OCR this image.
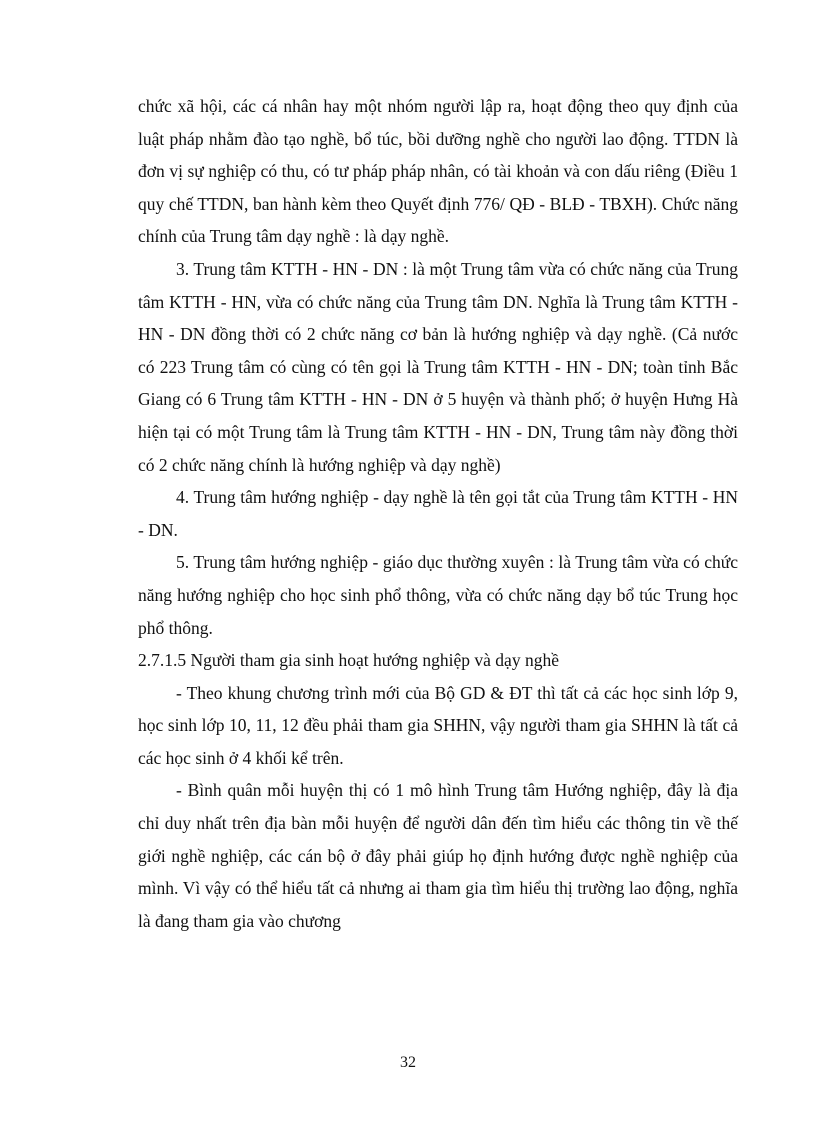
chức xã hội, các cá nhân hay một nhóm người lập ra, hoạt động theo quy định của luật pháp nhằm đào tạo nghề, bổ túc, bồi dưỡng nghề cho người lao động. TTDN là đơn vị sự nghiệp có thu, có tư pháp pháp nhân, có tài khoản và con dấu riêng (Điều 1 quy chế TTDN, ban hành kèm theo Quyết định 776/ QĐ - BLĐ - TBXH). Chức năng chính của Trung tâm dạy nghề : là dạy nghề.

3. Trung tâm KTTH - HN - DN : là một Trung tâm vừa có chức năng của Trung tâm KTTH - HN, vừa có chức năng của Trung tâm DN. Nghĩa là Trung tâm KTTH - HN - DN đồng thời có 2 chức năng cơ bản là hướng nghiệp và dạy nghề. (Cả nước có 223 Trung tâm có cùng có tên gọi là Trung tâm KTTH - HN - DN; toàn tỉnh Bắc Giang có 6 Trung tâm KTTH - HN - DN ở 5 huyện và thành phố; ở huyện Hưng Hà hiện tại có một Trung tâm là Trung tâm KTTH - HN - DN, Trung tâm này đồng thời có 2 chức năng chính là hướng nghiệp và dạy nghề)

4. Trung tâm hướng nghiệp - dạy nghề là tên gọi tắt của Trung tâm KTTH - HN - DN.

5. Trung tâm hướng nghiệp - giáo dục thường xuyên : là Trung tâm vừa có chức năng hướng nghiệp cho học sinh phổ thông, vừa có chức năng dạy bổ túc Trung học phổ thông.

2.7.1.5 Người tham gia sinh hoạt hướng nghiệp và dạy nghề

- Theo khung chương trình mới của Bộ GD & ĐT thì tất cả các học sinh lớp 9, học sinh lớp 10, 11, 12 đều phải tham gia SHHN, vậy người tham gia SHHN là tất cả các học sinh ở 4 khối kể trên.

- Bình quân mỗi huyện thị có 1 mô hình Trung tâm Hướng nghiệp, đây là địa chỉ duy nhất trên địa bàn mỗi huyện để người dân đến tìm hiểu các thông tin về thế giới nghề nghiệp, các cán bộ ở đây phải giúp họ định hướng được nghề nghiệp của mình. Vì vậy có thể hiểu tất cả nhưng ai tham gia tìm hiểu thị trường lao động, nghĩa là đang tham gia vào chương

32
